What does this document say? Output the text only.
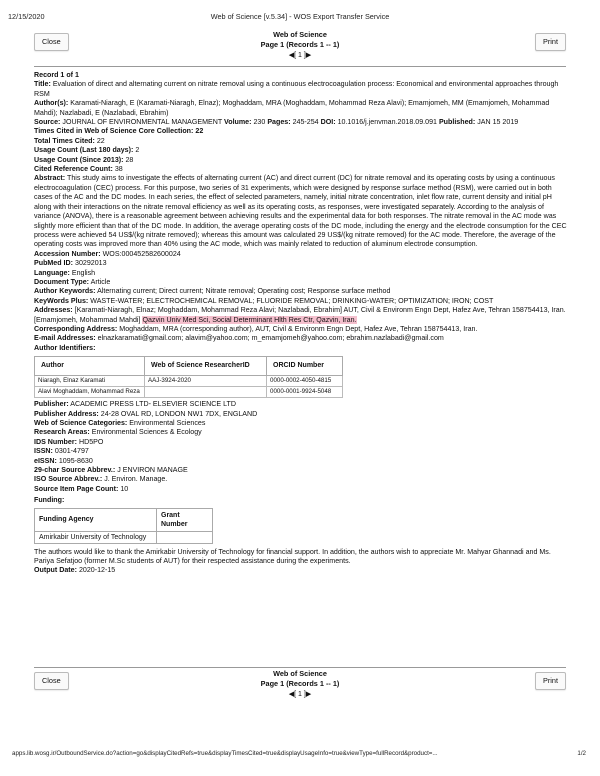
12/15/2020	Web of Science [v.5.34] - WOS Export Transfer Service
Close	Print
Web of Science
Page 1 (Records 1 -- 1)
◀[ 1 ]▶

Record 1 of 1

Title: Evaluation of direct and alternating current on nitrate removal using a continuous electrocoagulation process: Economical and environmental approaches through RSM

Author(s): Karamati-Niaragh, E (Karamati-Niaragh, Elnaz); Moghaddam, MRA (Moghaddam, Mohammad Reza Alavi); Emamjomeh, MM (Emamjomeh, Mohammad Mahdi); Nazlabadi, E (Nazlabadi, Ebrahim)

Source: JOURNAL OF ENVIRONMENTAL MANAGEMENT Volume: 230 Pages: 245-254 DOI: 10.1016/j.jenvman.2018.09.091 Published: JAN 15 2019

Times Cited in Web of Science Core Collection: 22

Total Times Cited: 22

Usage Count (Last 180 days): 2

Usage Count (Since 2013): 28

Cited Reference Count: 38

Abstract: This study aims to investigate the effects of alternating current (AC) and direct current (DC) for nitrate removal and its operating costs by using a continuous electrocoagulation (CEC) process. For this purpose, two series of 31 experiments, which were designed by response surface method (RSM), were carried out in both cases of the AC and the DC modes. In each series, the effect of selected parameters, namely, initial nitrate concentration, inlet flow rate, current density and initial pH along with their interactions on the nitrate removal efficiency as well as its operating costs, as responses, were investigated separately. According to the analysis of variance (ANOVA), there is a reasonable agreement between achieving results and the experimental data for both responses. The nitrate removal in the AC mode was slightly more efficient than that of the DC mode. In addition, the average operating costs of the DC mode, including the energy and the electrode consumption for the CEC process were achieved 54 US$/(kg nitrate removed); whereas this amount was calculated 29 US$/(kg nitrate removed) for the AC mode. Therefore, the average of the operating costs was improved more than 40% using the AC mode, which was mainly related to reduction of aluminum electrode consumption.

Accession Number: WOS:000452582600024

PubMed ID: 30292013

Language: English

Document Type: Article

Author Keywords: Alternating current; Direct current; Nitrate removal; Operating cost; Response surface method

KeyWords Plus: WASTE-WATER; ELECTROCHEMICAL REMOVAL; FLUORIDE REMOVAL; DRINKING-WATER; OPTIMIZATION; IRON; COST

Addresses: [Karamati-Niaragh, Elnaz; Moghaddam, Mohammad Reza Alavi; Nazlabadi, Ebrahim] AUT, Civil & Environm Engn Dept, Hafez Ave, Tehran 158754413, Iran.

[Emamjomeh, Mohammad Mahdi] Qazvin Univ Med Sci, Social Determinant Hlth Res Ctr, Qazvin, Iran.

Corresponding Address: Moghaddam, MRA (corresponding author), AUT, Civil & Environm Engn Dept, Hafez Ave, Tehran 158754413, Iran.

E-mail Addresses: elnazkaramati@gmail.com; alavim@yahoo.com; m_emamjomeh@yahoo.com; ebrahim.nazlabadi@gmail.com

Author Identifiers:

Author	Web of Science ResearcherID	ORCID Number
Niaragh, Elnaz Karamati	AAJ-3924-2020	0000-0002-4050-4815
Alavi Moghaddam, Mohammad Reza		0000-0001-9924-5048

Publisher: ACADEMIC PRESS LTD- ELSEVIER SCIENCE LTD

Publisher Address: 24-28 OVAL RD, LONDON NW1 7DX, ENGLAND

Web of Science Categories: Environmental Sciences

Research Areas: Environmental Sciences & Ecology

IDS Number: HD5PO

ISSN: 0301-4797

eISSN: 1095-8630

29-char Source Abbrev.: J ENVIRON MANAGE

ISO Source Abbrev.: J. Environ. Manage.

Source Item Page Count: 10

Funding:

Funding Agency	Grant Number
Amirkabir University of Technology	

The authors would like to thank the Amirkabir University of Technology for financial support. In addition, the authors wish to appreciate Mr. Mahyar Ghannadi and Ms. Pariya Sefatjoo (former M.Sc students of AUT) for their respected assistance during the experiments.

Output Date: 2020-12-15

Close	Print
Web of Science
Page 1 (Records 1 -- 1)
◀[ 1 ]▶
apps.lib.wosg.ir/OutboundService.do?action=go&displayCitedRefs=true&displayTimesCited=true&displayUsageInfo=true&viewType=fullRecord&product=...	1/2
